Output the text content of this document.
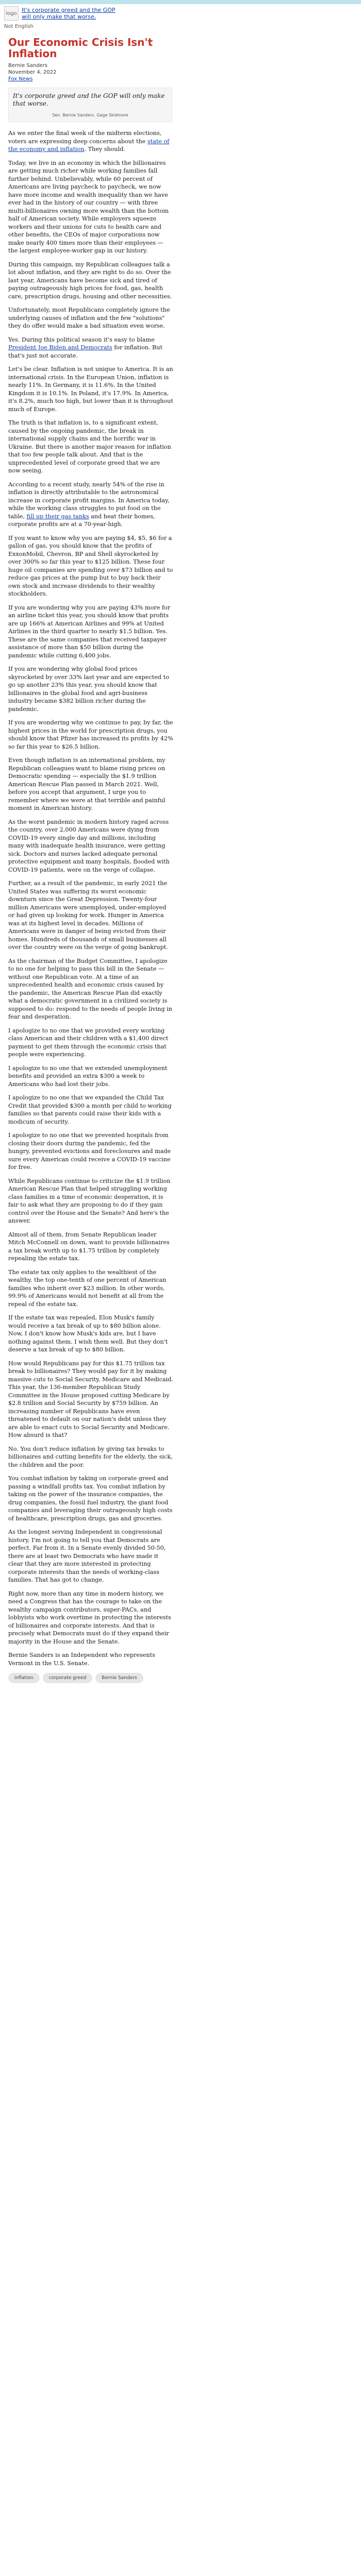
logo It's corporate greed and the GOP
will only make that worse.
Not English
Our Economic Crisis Isn't Inflation
Bernie Sanders
November 4, 2022
Fox News
It's corporate greed and the GOP will only make that worse.
Sen. Bernie Sanders. Gage Skidmore

As we enter the final week of the midterm elections, voters are expressing deep concerns about the state of the economy and inflation. They should.

Today, we live in an economy in which the billionaires are getting much richer while working families fall further behind. Unbelievably, while 60 percent of Americans are living paycheck to paycheck, we now have more income and wealth inequality than we have ever had in the history of our country — with three multi-billionaires owning more wealth than the bottom half of American society. While employers squeeze workers and their unions for cuts to health care and other benefits, the CEOs of major corporations now make nearly 400 times more than their employees — the largest employee-worker gap in our history.

During this campaign, my Republican colleagues talk a lot about inflation, and they are right to do so. Over the last year, Americans have become sick and tired of paying outrageously high prices for food, gas, health care, prescription drugs, housing and other necessities.

Unfortunately, most Republicans completely ignore the underlying causes of inflation and the few "solutions" they do offer would make a bad situation even worse.

Yes. During this political season it's easy to blame President Joe Biden and Democrats for inflation. But that's just not accurate.

Let's be clear. Inflation is not unique to America. It is an international crisis. In the European Union, inflation is nearly 11%. In Germany, it is 11.6%. In the United Kingdom it is 10.1%. In Poland, it's 17.9%. In America, it's 8.2%, much too high, but lower than it is throughout much of Europe.

The truth is that inflation is, to a significant extent, caused by the ongoing pandemic, the break in international supply chains and the horrific war in Ukraine. But there is another major reason for inflation that too few people talk about. And that is the unprecedented level of corporate greed that we are now seeing.

According to a recent study, nearly 54% of the rise in inflation is directly attributable to the astronomical increase in corporate profit margins. In America today, while the working class struggles to put food on the table, fill up their gas tanks and heat their homes, corporate profits are at a 70-year-high.

If you want to know why you are paying $4, $5, $6 for a gallon of gas, you should know that the profits of ExxonMobil, Chevron, BP and Shell skyrocketed by over 300% so far this year to $125 billion. These four huge oil companies are spending over $73 billion and to reduce gas prices at the pump but to buy back their own stock and increase dividends to their wealthy stockholders.

If you are wondering why you are paying 43% more for an airline ticket this year, you should know that profits are up 166% at American Airlines and 99% at United Airlines in the third quarter to nearly $1.5 billion. Yes. These are the same companies that received taxpayer assistance of more than $50 billion during the pandemic while cutting 6,400 jobs.

If you are wondering why global food prices skyrocketed by over 33% last year and are expected to go up another 23% this year, you should know that billionaires in the global food and agri-business industry became $382 billion richer during the pandemic.

If you are wondering why we continue to pay, by far, the highest prices in the world for prescription drugs, you should know that Pfizer has increased its profits by 42% so far this year to $26.5 billion.

Even though inflation is an international problem, my Republican colleagues want to blame rising prices on Democratic spending — especially the $1.9 trillion American Rescue Plan passed in March 2021. Well, before you accept that argument, I urge you to remember where we were at that terrible and painful moment in American history.

As the worst pandemic in modern history raged across the country, over 2,000 Americans were dying from COVID-19 every single day and millions, including many with inadequate health insurance, were getting sick. Doctors and nurses lacked adequate personal protective equipment and many hospitals, flooded with COVID-19 patients, were on the verge of collapse.

Further, as a result of the pandemic, in early 2021 the United States was suffering its worst economic downturn since the Great Depression. Twenty-four million Americans were unemployed, under-employed or had given up looking for work. Hunger in America was at its highest level in decades. Millions of Americans were in danger of being evicted from their homes. Hundreds of thousands of small businesses all over the country were on the verge of going bankrupt.

As the chairman of the Budget Committee, I apologize to no one for helping to pass this bill in the Senate — without one Republican vote. At a time of an unprecedented health and economic crisis caused by the pandemic, the American Rescue Plan did exactly what a democratic government in a civilized society is supposed to do: respond to the needs of people living in fear and desperation.

I apologize to no one that we provided every working class American and their children with a $1,400 direct payment to get them through the economic crisis that people were experiencing.

I apologize to no one that we extended unemployment benefits and provided an extra $300 a week to Americans who had lost their jobs.

I apologize to no one that we expanded the Child Tax Credit that provided $300 a month per child to working families so that parents could raise their kids with a modicum of security.

I apologize to no one that we prevented hospitals from closing their doors during the pandemic, fed the hungry, prevented evictions and foreclosures and made sure every American could receive a COVID-19 vaccine for free.

While Republicans continue to criticize the $1.9 trillion American Rescue Plan that helped struggling working class families in a time of economic desperation, it is fair to ask what they are proposing to do if they gain control over the House and the Senate? And here's the answer.

Almost all of them, from Senate Republican leader Mitch McConnell on down, want to provide billionaires a tax break worth up to $1.75 trillion by completely repealing the estate tax.

The estate tax only applies to the wealthiest of the wealthy, the top one-tenth of one percent of American families who inherit over $23 million. In other words, 99.9% of Americans would not benefit at all from the repeal of the estate tax.

If the estate tax was repealed, Elon Musk's family would receive a tax break of up to $80 billion alone. Now, I don't know how Musk's kids are, but I have nothing against them. I wish them well. But they don't deserve a tax break of up to $80 billion.

How would Republicans pay for this $1.75 trillion tax break to billionaires? They would pay for it by making massive cuts to Social Security, Medicare and Medicaid. This year, the 136-member Republican Study Committee in the House proposed cutting Medicare by $2.8 trillion and Social Security by $759 billion. An increasing number of Republicans have even threatened to default on our nation's debt unless they are able to enact cuts to Social Security and Medicare. How absurd is that?

No. You don't reduce inflation by giving tax breaks to billionaires and cutting benefits for the elderly, the sick, the children and the poor.

You combat inflation by taking on corporate greed and passing a windfall profits tax. You combat inflation by taking on the power of the insurance companies, the drug companies, the fossil fuel industry, the giant food companies and leveraging their outrageously high costs of healthcare, prescription drugs, gas and groceries.

As the longest serving Independent in congressional history, I'm not going to tell you that Democrats are perfect. Far from it. In a Senate evenly divided 50-50, there are at least two Democrats who have made it clear that they are more interested in protecting corporate interests than the needs of working-class families. That has got to change.

Right now, more than any time in modern history, we need a Congress that has the courage to take on the wealthy campaign contributors, super-PACs, and lobbyists who work overtime in protecting the interests of billionaires and corporate interests. And that is precisely what Democrats must do if they expand their majority in the House and the Senate.

Bernie Sanders is an Independent who represents Vermont in the U.S. Senate.

inflation	corporate greed	Bernie Sanders
